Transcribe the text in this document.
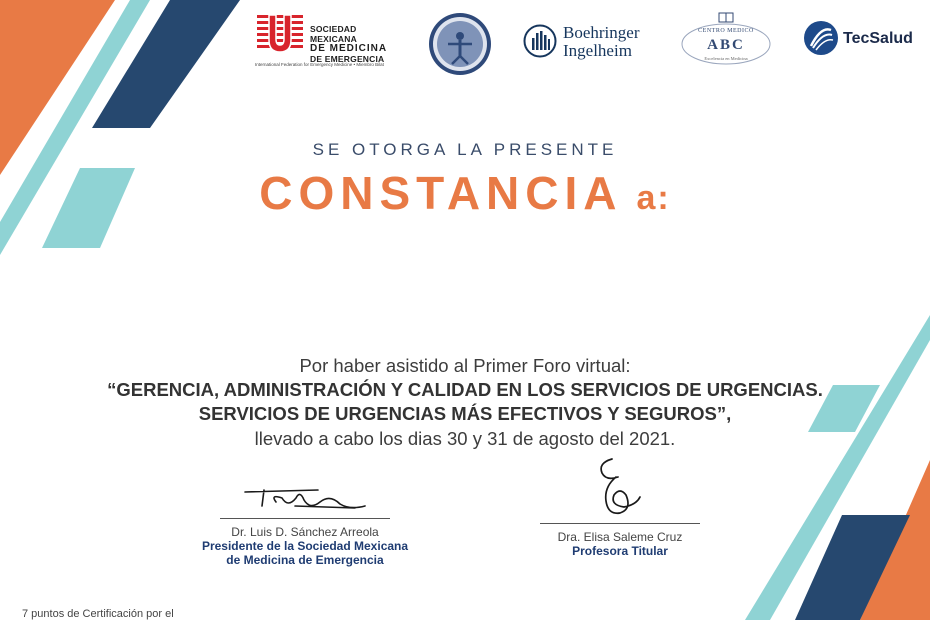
SOCIEDAD MEXICANA
DE MEDICINA
DE EMERGENCIA
International Federation for Emergency Medicine • Miembro Bilat
Boehringer
Ingelheim
CENTRO MEDICO
ABC
Excelencia en Medicina
TecSalud
SE OTORGA LA PRESENTE
CONSTANCIA a:
Por haber asistido al Primer Foro virtual:
“GERENCIA, ADMINISTRACIÓN Y CALIDAD EN LOS SERVICIOS DE URGENCIAS. SERVICIOS DE URGENCIAS MÁS EFECTIVOS Y SEGUROS”,
llevado a cabo los dias 30 y 31 de agosto del 2021.
Dr. Luis D. Sánchez Arreola
Presidente de la Sociedad Mexicana
de Medicina de Emergencia
Dra. Elisa Saleme Cruz
Profesora Titular
7 puntos de Certificación por el
